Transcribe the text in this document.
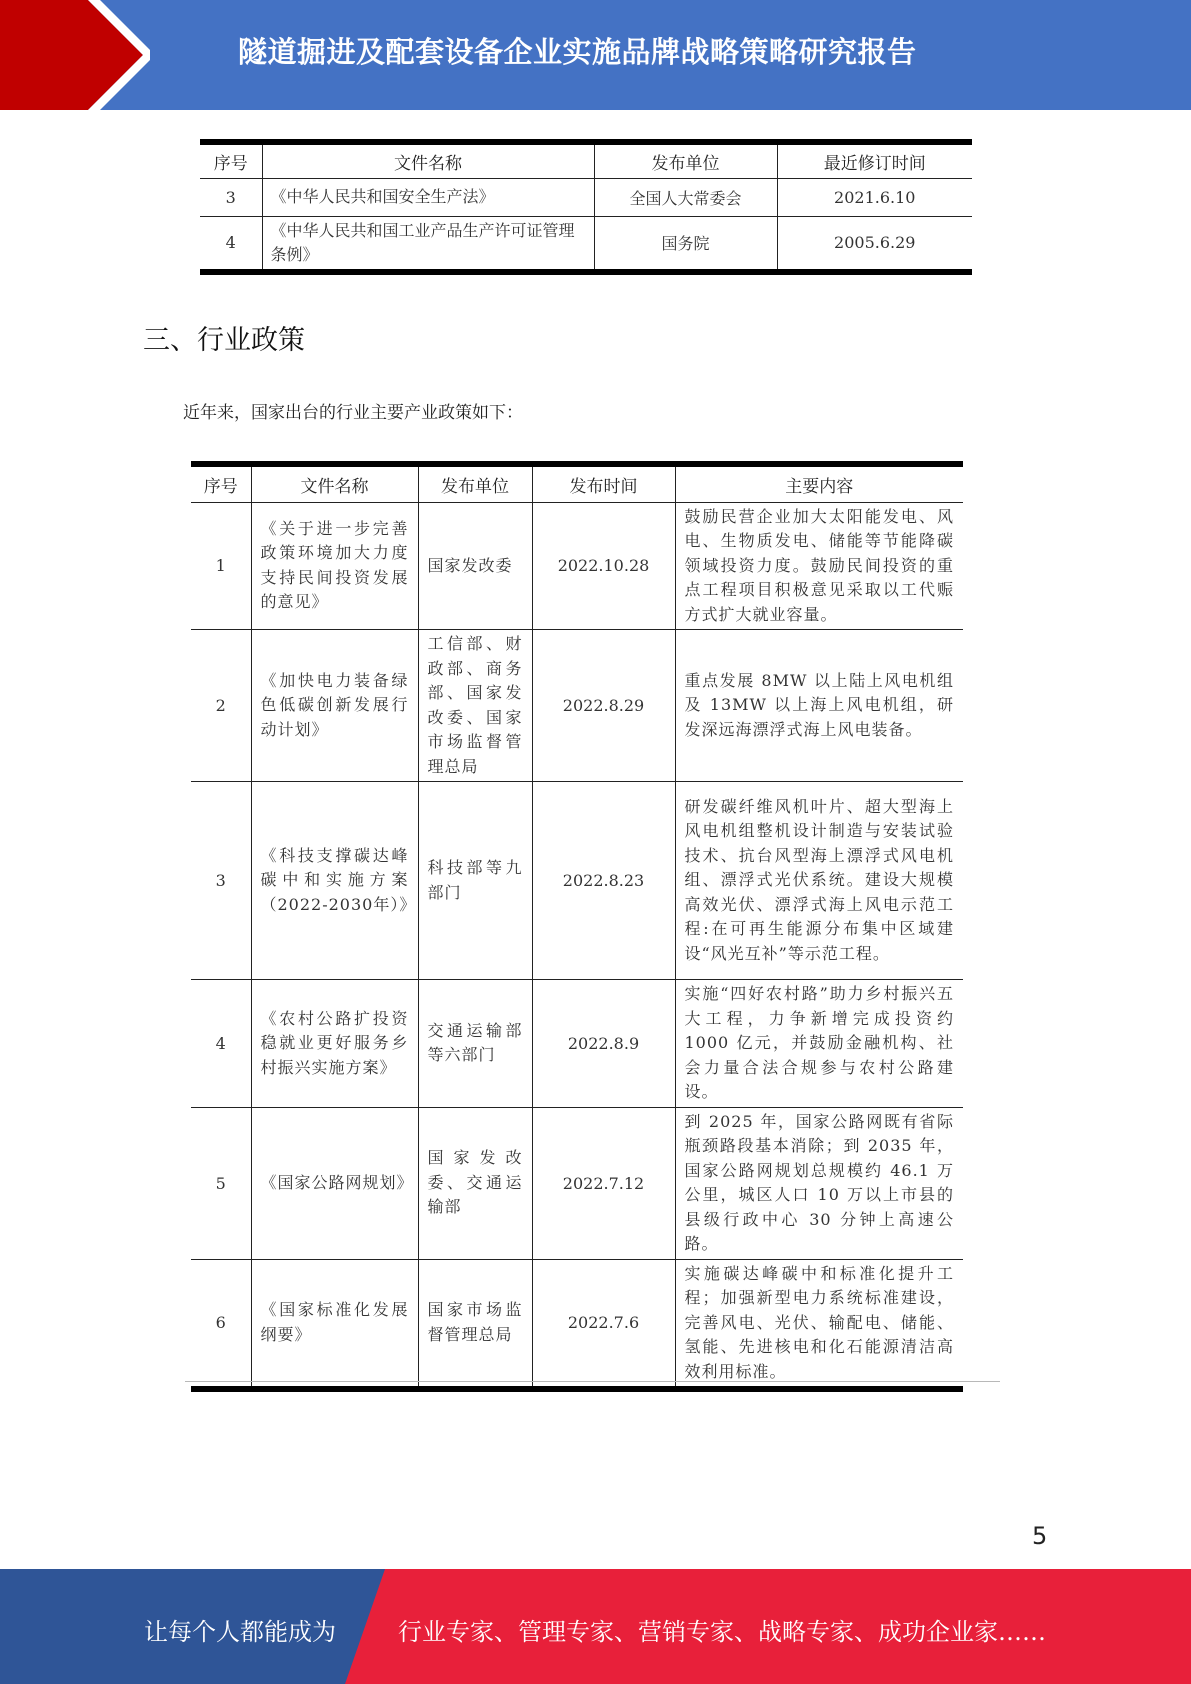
隧道掘进及配套设备企业实施品牌战略策略研究报告
序号	文件名称	发布单位	最近修订时间
3	《中华人民共和国安全生产法》	全国人大常委会	2021.6.10
4	《中华人民共和国工业产品生产许可证管理条例》	国务院	2005.6.29
三、行业政策
近年来，国家出台的行业主要产业政策如下：
序号	文件名称	发布单位	发布时间	主要内容
1	《关于进一步完善政策环境加大力度支持民间投资发展的意见》	国家发改委	2022.10.28	鼓励民营企业加大太阳能发电、风电、生物质发电、储能等节能降碳领域投资力度。鼓励民间投资的重点工程项目积极意见采取以工代赈方式扩大就业容量。
2	《加快电力装备绿色低碳创新发展行动计划》	工信部、财政部、商务部、国家发改委、国家市场监督管理总局	2022.8.29	重点发展 8MW 以上陆上风电机组及 13MW 以上海上风电机组，研发深远海漂浮式海上风电装备。
3	《科技支撑碳达峰碳中和实施方案（2022-2030年）》	科技部等九部门	2022.8.23	研发碳纤维风机叶片、超大型海上风电机组整机设计制造与安装试验技术、抗台风型海上漂浮式风电机组、漂浮式光伏系统。建设大规模高效光伏、漂浮式海上风电示范工程:在可再生能源分布集中区域建设“风光互补”等示范工程。
4	《农村公路扩投资稳就业更好服务乡村振兴实施方案》	交通运输部等六部门	2022.8.9	实施“四好农村路”助力乡村振兴五大工程，力争新增完成投资约 1000 亿元，并鼓励金融机构、社会力量合法合规参与农村公路建设。
5	《国家公路网规划》	国家发改委、交通运输部	2022.7.12	到 2025 年，国家公路网既有省际瓶颈路段基本消除；到 2035 年，国家公路网规划总规模约 46.1 万公里，城区人口 10 万以上市县的县级行政中心 30 分钟上高速公路。
6	《国家标准化发展纲要》	国家市场监督管理总局	2022.7.6	实施碳达峰碳中和标准化提升工程；加强新型电力系统标准建设，完善风电、光伏、输配电、储能、氢能、先进核电和化石能源清洁高效利用标准。
5
让每个人都能成为	行业专家、管理专家、营销专家、战略专家、成功企业家……
